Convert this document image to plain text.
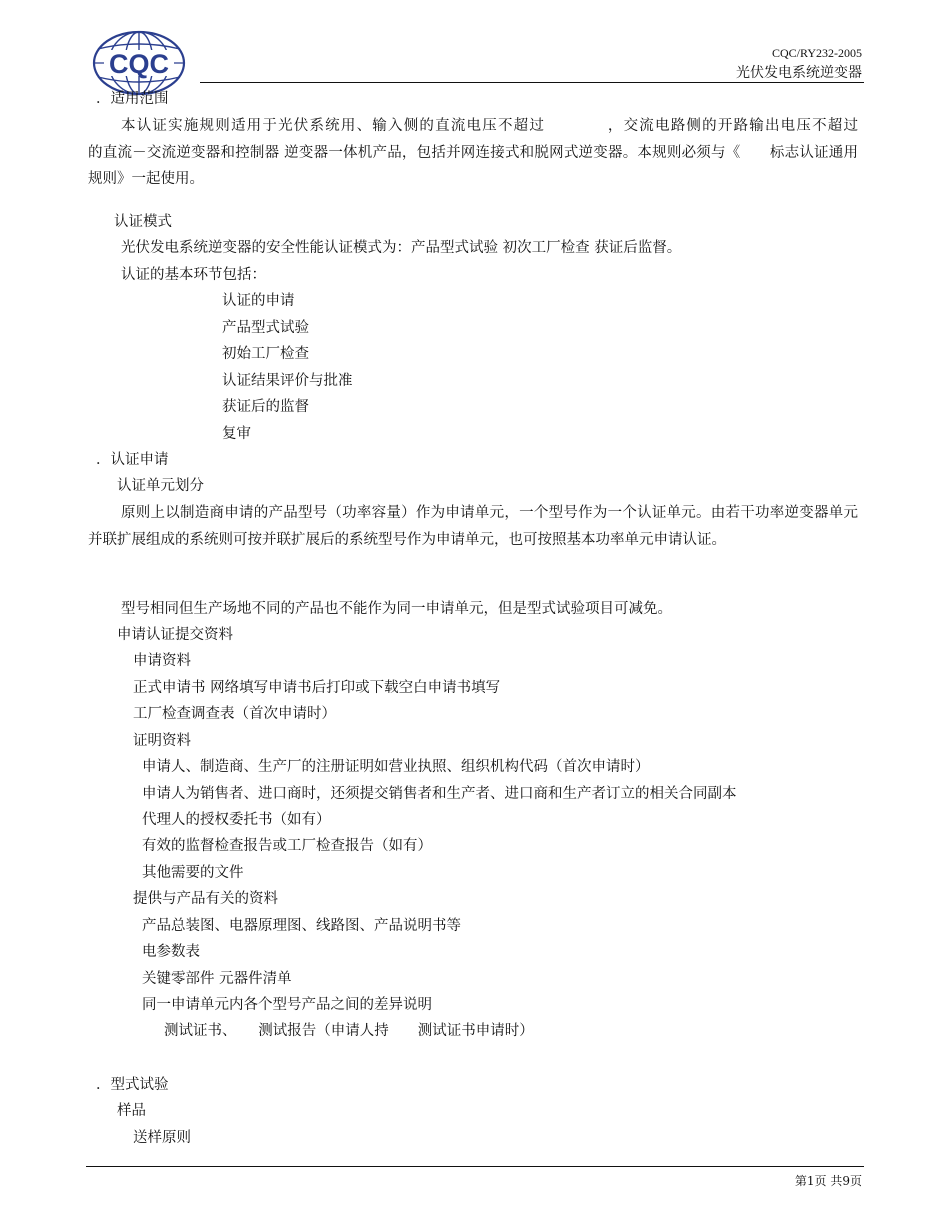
CQC	CQC/RY232-2005
光伏发电系统逆变器
．适用范围
本认证实施规则适用于光伏系统用、输入侧的直流电压不超过　　　　，交流电路侧的开路输出电压不超过　　　　的直流－交流逆变器和控制器 逆变器一体机产品，包括并网连接式和脱网式逆变器。本规则必须与《　　标志认证通用规则》一起使用。
认证模式
光伏发电系统逆变器的安全性能认证模式为：产品型式试验 初次工厂检查 获证后监督。
认证的基本环节包括：
认证的申请
产品型式试验
初始工厂检查
认证结果评价与批准
获证后的监督
复审
．认证申请
认证单元划分
原则上以制造商申请的产品型号（功率容量）作为申请单元，一个型号作为一个认证单元。由若干功率逆变器单元并联扩展组成的系统则可按并联扩展后的系统型号作为申请单元，也可按照基本功率单元申请认证。
型号相同但生产场地不同的产品也不能作为同一申请单元，但是型式试验项目可减免。
申请认证提交资料
申请资料
正式申请书 网络填写申请书后打印或下载空白申请书填写
工厂检查调查表（首次申请时）
证明资料
申请人、制造商、生产厂的注册证明如营业执照、组织机构代码（首次申请时）
申请人为销售者、进口商时，还须提交销售者和生产者、进口商和生产者订立的相关合同副本
代理人的授权委托书（如有）
有效的监督检查报告或工厂检查报告（如有）
其他需要的文件
提供与产品有关的资料
产品总装图、电器原理图、线路图、产品说明书等
电参数表
关键零部件 元器件清单
同一申请单元内各个型号产品之间的差异说明
测试证书、　　测试报告（申请人持　　测试证书申请时）
．型式试验
样品
送样原则
第1页 共9页
